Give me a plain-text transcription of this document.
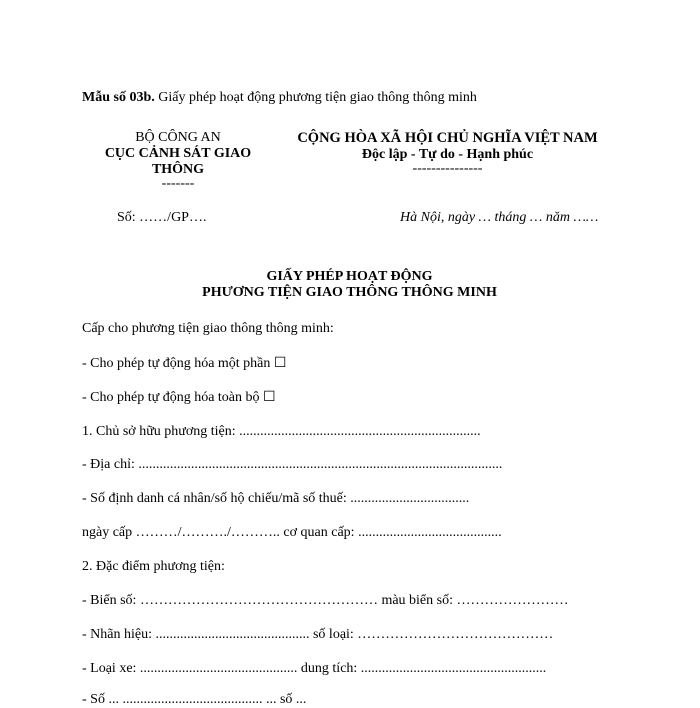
Mẫu số 03b. Giấy phép hoạt động phương tiện giao thông thông minh
BỘ CÔNG AN
CỤC CẢNH SÁT GIAO
THÔNG
-------
Số: ……/GP….
CỘNG HÒA XÃ HỘI CHỦ NGHĨA VIỆT NAM
Độc lập - Tự do - Hạnh phúc
---------------
Hà Nội, ngày … tháng … năm ……
GIẤY PHÉP HOẠT ĐỘNG
PHƯƠNG TIỆN GIAO THÔNG THÔNG MINH
Cấp cho phương tiện giao thông thông minh:
- Cho phép tự động hóa một phần ☐
- Cho phép tự động hóa toàn bộ ☐
1. Chủ sở hữu phương tiện: .....................................................................
- Địa chỉ: ........................................................................................................
- Số định danh cá nhân/số hộ chiếu/mã số thuế: ..................................
ngày cấp ………/………./……….. cơ quan cấp: .........................................
2. Đặc điểm phương tiện:
- Biển số: …………………………………………… màu biển số: ……………………
- Nhãn hiệu: ............................................ số loại: ……………………………………
- Loại xe: ............................................. dung tích: .....................................................
- Số ... ........................................ ... số ...
